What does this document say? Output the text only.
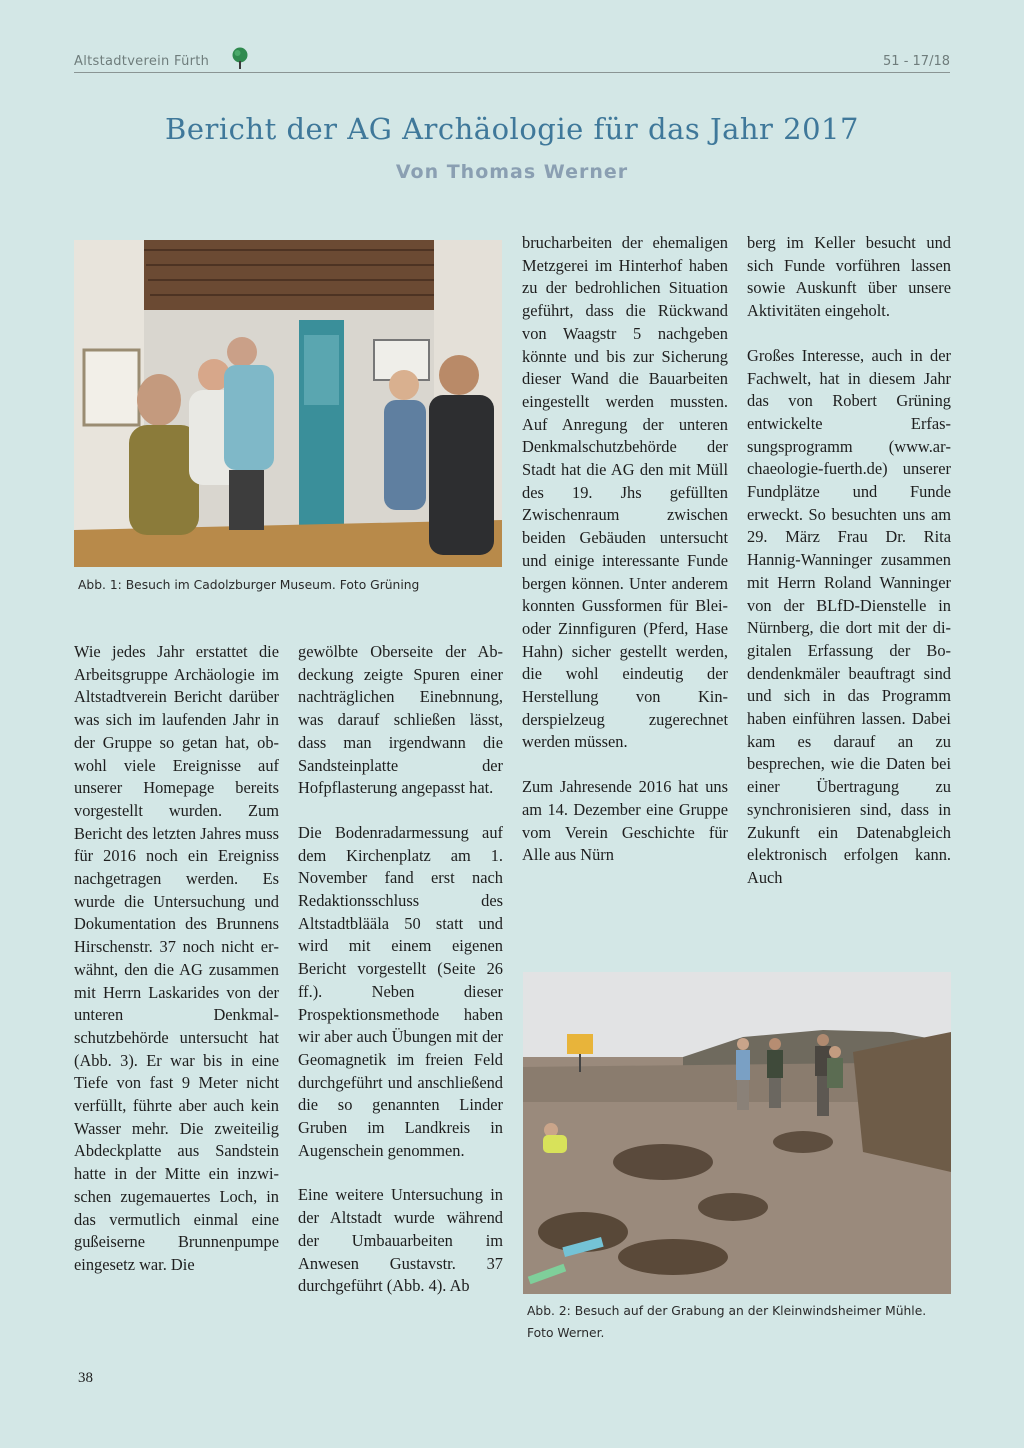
Altstadtverein Fürth	51 - 17/18
Bericht der AG Archäologie für das Jahr 2017
Von Thomas Werner
Abb. 1: Besuch im Cadolzburger Museum. Foto Grüning
Abb. 2: Besuch auf der Grabung an der Kleinwindsheimer Mühle. Foto Werner.

Wie jedes Jahr erstattet die Arbeitsgruppe Archäologie im Altstadtverein Bericht darüber was sich im laufenden Jahr in der Gruppe so getan hat, obwohl viele Ereignisse auf unserer Homepage bereits vorgestellt wurden. Zum Bericht des letzten Jahres muss für 2016 noch ein Ereigniss nachgetragen werden. Es wurde die Untersuchung und Dokumentation des Brunnens Hirschenstr. 37 noch nicht erwähnt, den die AG zusammen mit Herrn Laskarides von der unteren Denkmalschutzbehörde untersucht hat (Abb. 3). Er war bis in eine Tiefe von fast 9 Meter nicht verfüllt, führte aber auch kein Wasser mehr. Die zweiteilig Abdeckplatte aus Sandstein hatte in der Mitte ein inzwischen zugemauertes Loch, in das vermutlich einmal eine gußeiserne Brunnenpumpe eingesetz war. Die

gewölbte Oberseite der Abdeckung zeigte Spuren einer nachträglichen Einebnnung, was darauf schließen lässt, dass man irgendwann die Sandsteinplatte der Hofpflasterung angepasst hat.

Die Bodenradarmessung auf dem Kirchenplatz am 1. November fand erst nach Redaktionsschluss des Altstadtblääla 50 statt und wird mit einem eigenen Bericht vorgestellt (Seite 26 ff.). Neben dieser Prospektionsmethode haben wir aber auch Übungen mit der Geomagnetik im freien Feld durchgeführt und anschließend die so genannten Linder Gruben im Landkreis in Augenschein genommen.

Eine weitere Untersuchung in der Altstadt wurde während der Umbauarbeiten im Anwesen Gustavstr. 37 durchgeführt (Abb. 4). Ab

brucharbeiten der ehemaligen Metzgerei im Hinterhof haben zu der bedrohlichen Situation geführt, dass die Rückwand von Waagstr 5 nachgeben könnte und bis zur Sicherung dieser Wand die Bauarbeiten eingestellt werden mussten. Auf Anregung der unteren Denkmalschutzbehörde der Stadt hat die AG den mit Müll des 19. Jhs gefüllten Zwischenraum zwischen beiden Gebäuden untersucht und einige interessante Funde bergen können. Unter anderem konnten Gussformen für Blei- oder Zinnfiguren (Pferd, Hase Hahn) sicher gestellt werden, die wohl eindeutig der Herstellung von Kinderspielzeug zugerechnet werden müssen.

Zum Jahresende 2016 hat uns am 14. Dezember eine Gruppe vom Verein Geschichte für Alle aus Nürn

berg im Keller besucht und sich Funde vorführen lassen sowie Auskunft über unsere Aktivitäten eingeholt.

Großes Interesse, auch in der Fachwelt, hat in diesem Jahr das von Robert Grüning entwickelte Erfassungsprogramm (www.archaeologie-fuerth.de) unserer Fundplätze und Funde erweckt. So besuchten uns am 29. März Frau Dr. Rita Hannig-Wanninger zusammen mit Herrn Roland Wanninger von der BLfD-Dienstelle in Nürnberg, die dort mit der digitalen Erfassung der Bodendenkmäler beauftragt sind und sich in das Programm haben einführen lassen. Dabei kam es darauf an zu besprechen, wie die Daten bei einer Übertragung zu synchronisieren sind, dass in Zukunft ein Datenabgleich elektronisch erfolgen kann. Auch

38
